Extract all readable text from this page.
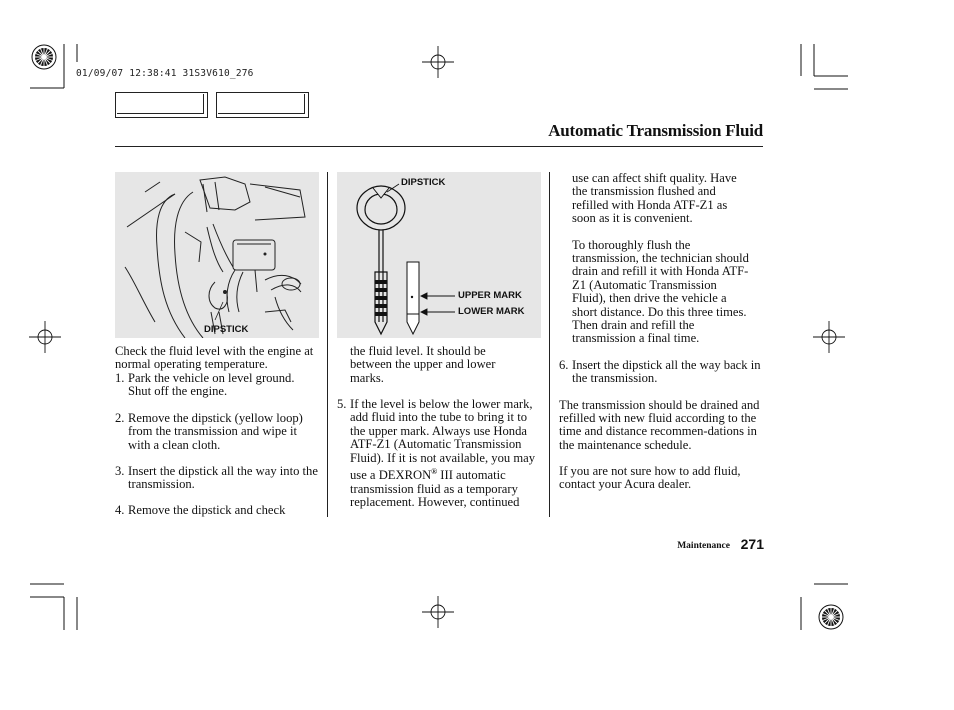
01/09/07 12:38:41 31S3V610_276
Automatic Transmission Fluid
DIPSTICK
DIPSTICK
UPPER MARK
LOWER MARK

Check the fluid level with the engine at normal operating temperature.

1. Park the vehicle on level ground. Shut off the engine.
2. Remove the dipstick (yellow loop) from the transmission and wipe it with a clean cloth.
3. Insert the dipstick all the way into the transmission.
4. Remove the dipstick and check

the fluid level. It should be between the upper and lower marks.

5. If the level is below the lower mark, add fluid into the tube to bring it to the upper mark. Always use Honda ATF-Z1 (Automatic Transmission Fluid). If it is not available, you may use a DEXRON® III automatic transmission fluid as a temporary replacement. However, continued

use can affect shift quality. Have the transmission flushed and refilled with Honda ATF-Z1 as soon as it is convenient.

To thoroughly flush the transmission, the technician should drain and refill it with Honda ATF-Z1 (Automatic Transmission Fluid), then drive the vehicle a short distance. Do this three times. Then drain and refill the transmission a final time.

6. Insert the dipstick all the way back in the transmission.

The transmission should be drained and refilled with new fluid according to the time and distance recommen-dations in the maintenance schedule.

If you are not sure how to add fluid, contact your Acura dealer.

Maintenance 271
